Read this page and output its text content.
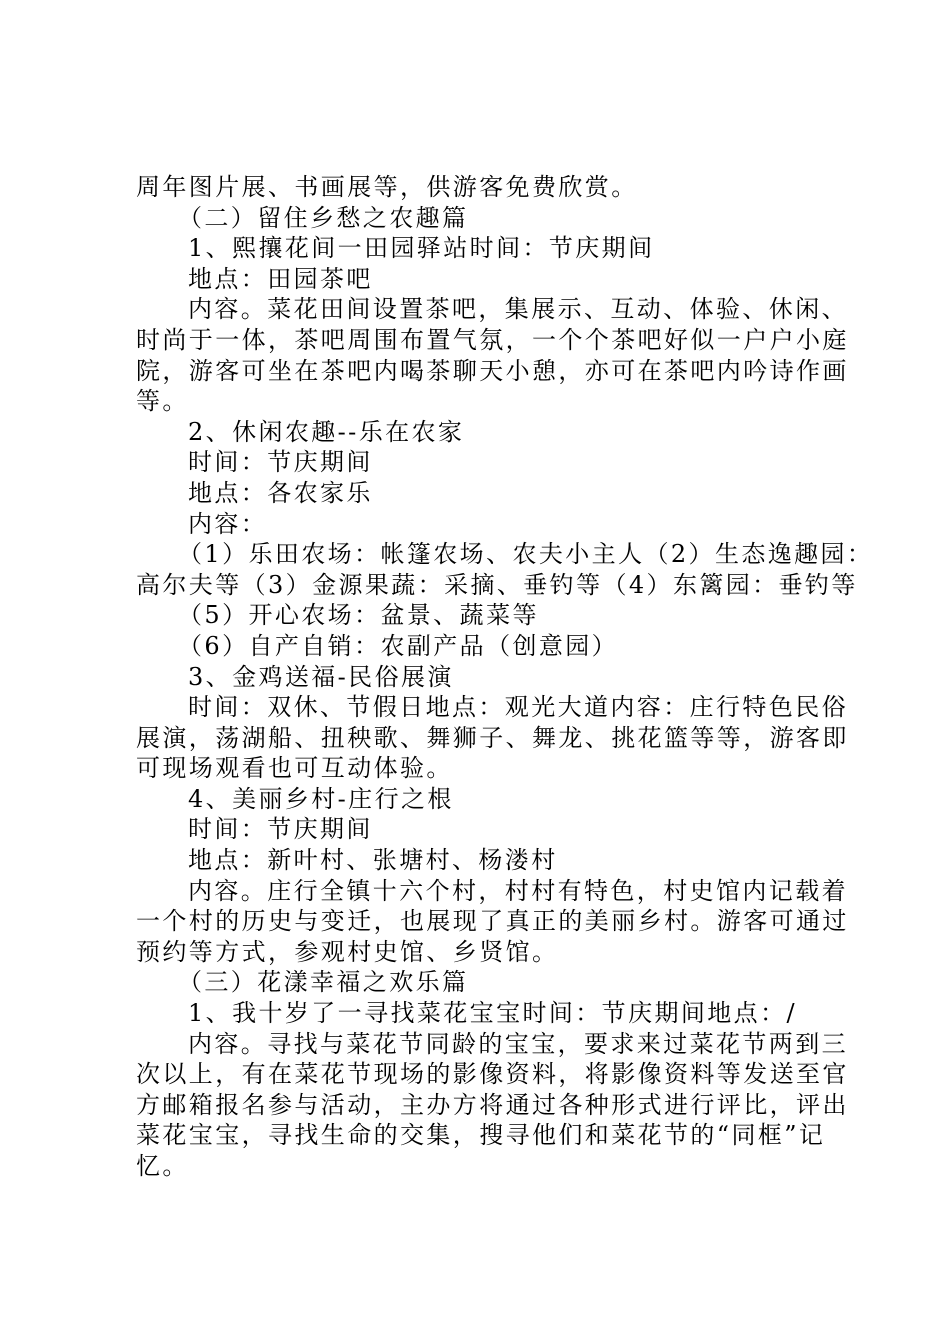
周年图片展、书画展等，供游客免费欣赏。

（二）留住乡愁之农趣篇

1、熙攘花间一田园驿站时间：节庆期间

地点：田园茶吧

内容。菜花田间设置茶吧，集展示、互动、体验、休闲、

时尚于一体，茶吧周围布置气氛，一个个茶吧好似一户户小庭

院，游客可坐在茶吧内喝茶聊天小憩，亦可在茶吧内吟诗作画

等。

2、休闲农趣--乐在农家

时间：节庆期间

地点：各农家乐

内容：

（1）乐田农场：帐篷农场、农夫小主人（2）生态逸趣园：

高尔夫等（3）金源果蔬：采摘、垂钓等（4）东篱园：垂钓等

（5）开心农场：盆景、蔬菜等

（6）自产自销：农副产品（创意园）

3、金鸡送福-民俗展演

时间：双休、节假日地点：观光大道内容：庄行特色民俗

展演，荡湖船、扭秧歌、舞狮子、舞龙、挑花篮等等，游客即

可现场观看也可互动体验。

4、美丽乡村-庄行之根

时间：节庆期间

地点：新叶村、张塘村、杨溇村

内容。庄行全镇十六个村，村村有特色，村史馆内记载着

一个村的历史与变迁，也展现了真正的美丽乡村。游客可通过

预约等方式，参观村史馆、乡贤馆。

（三）花漾幸福之欢乐篇

1、我十岁了一寻找菜花宝宝时间：节庆期间地点：/

内容。寻找与菜花节同龄的宝宝，要求来过菜花节两到三

次以上，有在菜花节现场的影像资料，将影像资料等发送至官

方邮箱报名参与活动，主办方将通过各种形式进行评比，评出

菜花宝宝，寻找生命的交集，搜寻他们和菜花节的“同框”记

忆。
